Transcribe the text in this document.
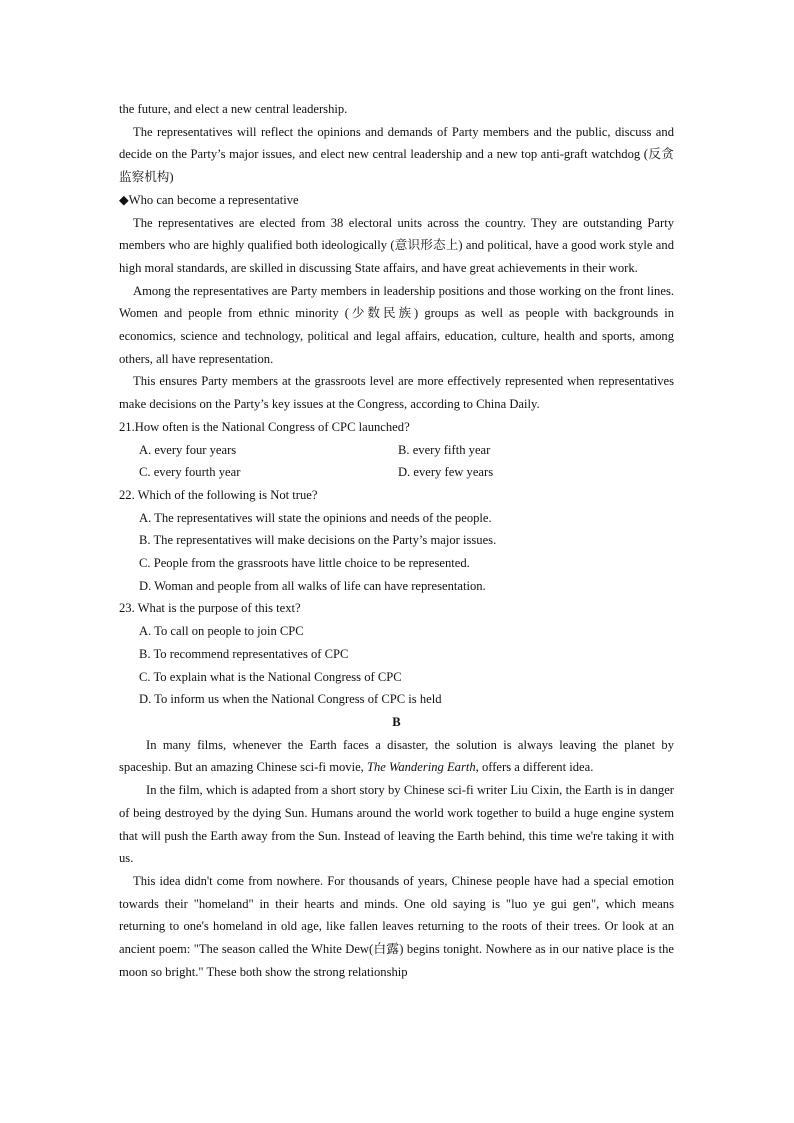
the future, and elect a new central leadership.

The representatives will reflect the opinions and demands of Party members and the public, discuss and decide on the Party’s major issues, and elect new central leadership and a new top anti-graft watchdog (反贪监察机构)

◆Who can become a representative

The representatives are elected from 38 electoral units across the country. They are outstanding Party members who are highly qualified both ideologically (意识形态上) and political, have a good work style and high moral standards, are skilled in discussing State affairs, and have great achievements in their work.

Among the representatives are Party members in leadership positions and those working on the front lines. Women and people from ethnic minority (少数民族) groups as well as people with backgrounds in economics, science and technology, political and legal affairs, education, culture, health and sports, among others, all have representation.

This ensures Party members at the grassroots level are more effectively represented when representatives make decisions on the Party’s key issues at the Congress, according to China Daily.

21.How often is the National Congress of CPC launched?

A. every four years	B. every fifth year
C. every fourth year	D. every few years

22. Which of the following is Not true?

A. The representatives will state the opinions and needs of the people.

B. The representatives will make decisions on the Party’s major issues.

C. People from the grassroots have little choice to be represented.

D. Woman and people from all walks of life can have representation.

23. What is the purpose of this text?

A. To call on people to join CPC

B. To recommend representatives of CPC

C. To explain what is the National Congress of CPC

D. To inform us when the National Congress of CPC is held

B

In many films, whenever the Earth faces a disaster, the solution is always leaving the planet by spaceship. But an amazing Chinese sci-fi movie, The Wandering Earth, offers a different idea.

In the film, which is adapted from a short story by Chinese sci-fi writer Liu Cixin, the Earth is in danger of being destroyed by the dying Sun. Humans around the world work together to build a huge engine system that will push the Earth away from the Sun. Instead of leaving the Earth behind, this time we're taking it with us.

This idea didn't come from nowhere. For thousands of years, Chinese people have had a special emotion towards their "homeland" in their hearts and minds. One old saying is "luo ye gui gen", which means returning to one's homeland in old age, like fallen leaves returning to the roots of their trees. Or look at an ancient poem: "The season called the White Dew(白露) begins tonight. Nowhere as in our native place is the moon so bright." These both show the strong relationship
